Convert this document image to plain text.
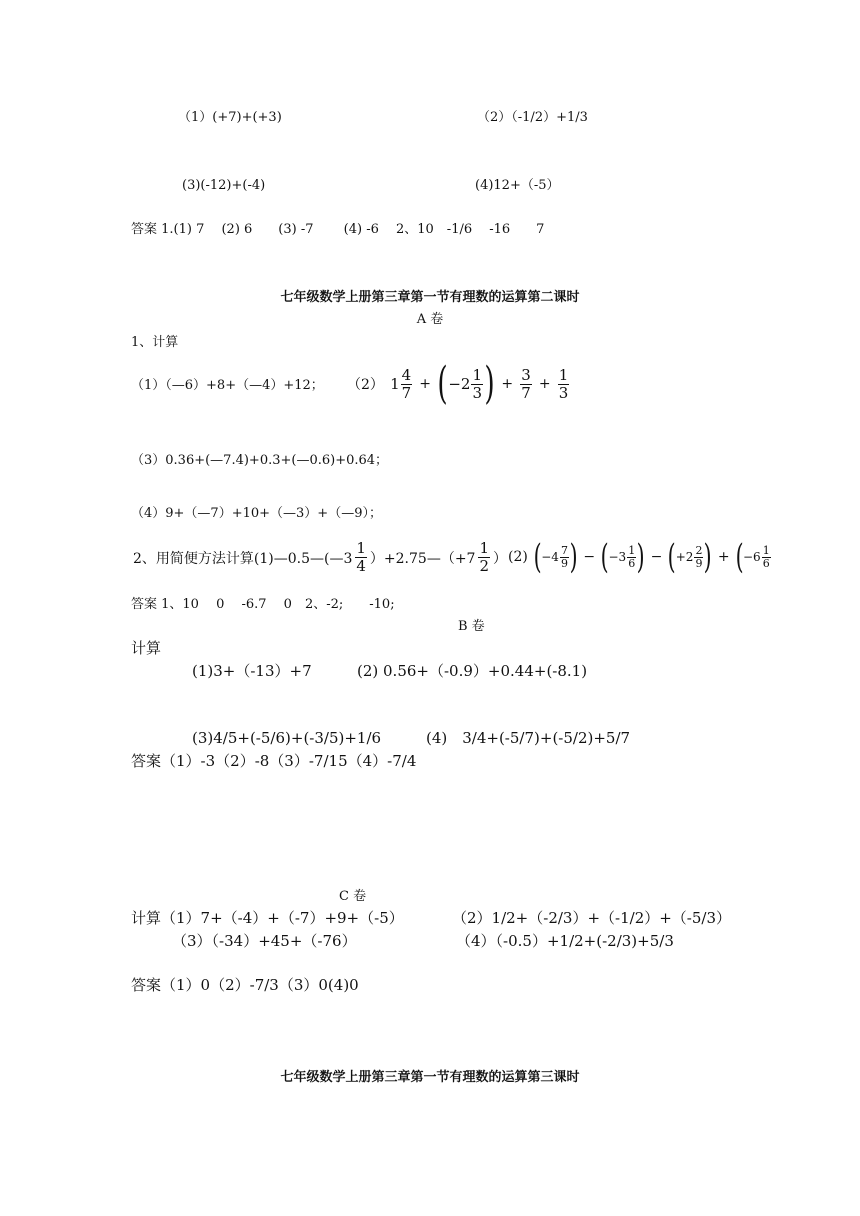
（1）(+7)+(+3)	（2）（-1/2）+1/3
(3)(-12)+(-4)	(4)12+（-5）
答案 1.(1) 7　 (2) 6　　(3) -7　　 (4) -6　 2、10　-1/6　 -16　　7
七年级数学上册第三章第一节有理数的运算第二课时
A 卷
1、计算
（1）（—6）+8+（—4）+12； （2） $1 \frac{4}{7} + (-2 \frac{1}{3}$ ) + $\frac{3}{7} + \frac{1}{3}$
（3）0.36+(—7.4)+0.3+(—0.6)+0.64；
（4）9+（—7）+10+（—3）+（—9）；
2、用简便方法计算(1)—0.5—(—3 $\frac{1}{4}$ ）+2.75—（+7 $\frac{1}{2}$ ） (2) ($-4 \frac{7}{9}$ ) − ($-3 \frac{1}{6}$ ) − ($+2 \frac{2}{9}$ ) + ($-6 \frac{1}{6}$
答案 1、10　 0　 -6.7　 0　2、-2;　　-10;
B 卷
计算
(1)3+（-13）+7	(2) 0.56+（-0.9）+0.44+(-8.1)
(3)4/5+(-5/6)+(-3/5)+1/6	(4)　3/4+(-5/7)+(-5/2)+5/7
答案（1）-3（2）-8（3）-7/15（4）-7/4
C 卷
计算（1）7+（-4）+（-7）+9+（-5）	（2）1/2+（-2/3）+（-1/2）+（-5/3）
（3）（-34）+45+（-76）	（4）（-0.5）+1/2+(-2/3)+5/3
答案（1）0（2）-7/3（3）0(4)0
七年级数学上册第三章第一节有理数的运算第三课时
